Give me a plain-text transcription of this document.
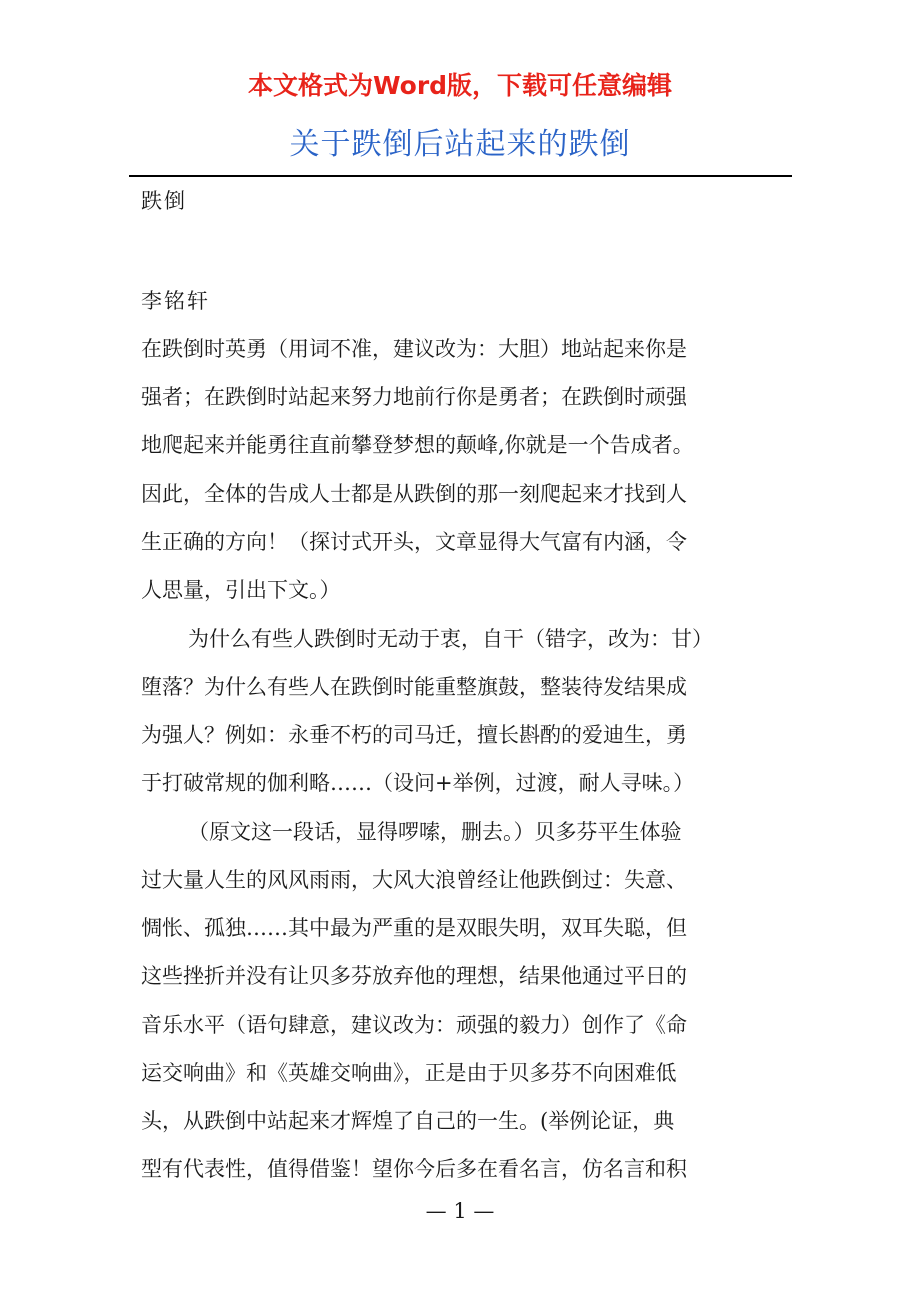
本文格式为Word版，下载可任意编辑
关于跌倒后站起来的跌倒
跌倒
李铭轩
在跌倒时英勇（用词不准，建议改为：大胆）地站起来你是
强者；在跌倒时站起来努力地前行你是勇者；在跌倒时顽强
地爬起来并能勇往直前攀登梦想的颠峰,你就是一个告成者。
因此，全体的告成人士都是从跌倒的那一刻爬起来才找到人
生正确的方向！（探讨式开头，文章显得大气富有内涵，令
人思量，引出下文。）
为什么有些人跌倒时无动于衷，自干（错字，改为：甘）
堕落？为什么有些人在跌倒时能重整旗鼓，整装待发结果成
为强人？例如：永垂不朽的司马迁，擅长斟酌的爱迪生，勇
于打破常规的伽利略……（设问+举例，过渡，耐人寻味。）
（原文这一段话，显得啰嗦，删去。）贝多芬平生体验
过大量人生的风风雨雨，大风大浪曾经让他跌倒过：失意、
惆怅、孤独……其中最为严重的是双眼失明，双耳失聪，但
这些挫折并没有让贝多芬放弃他的理想，结果他通过平日的
音乐水平（语句肆意，建议改为：顽强的毅力）创作了《命
运交响曲》和《英雄交响曲》，正是由于贝多芬不向困难低
头，从跌倒中站起来才辉煌了自己的一生。(举例论证，典
型有代表性，值得借鉴！望你今后多在看名言，仿名言和积
— 1 —
